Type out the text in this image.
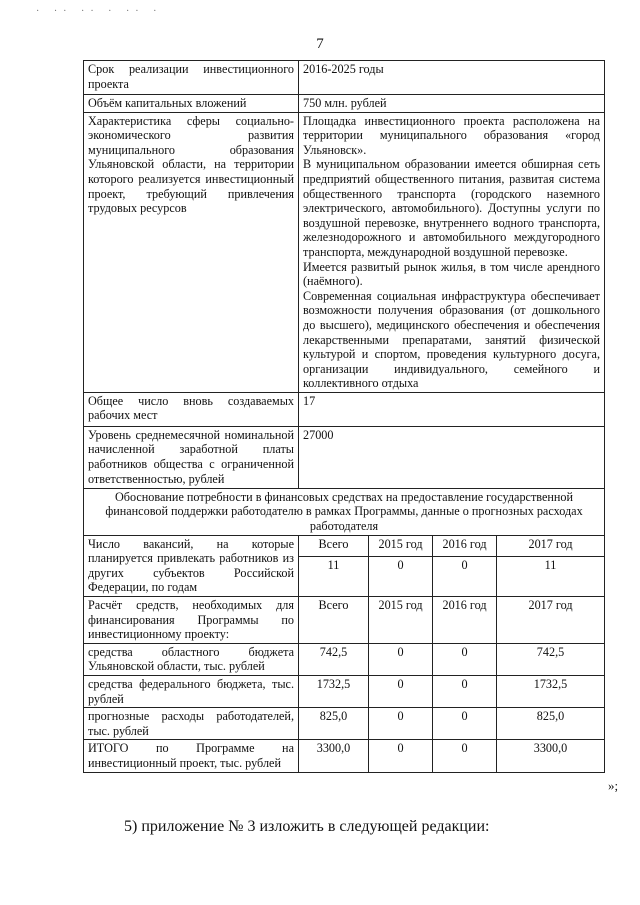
· ·· ·· · ·· ·
7
Срок реализации инвестиционного проекта	2016-2025 годы			
Объём капитальных вложений	750 млн. рублей			
Характеристика сферы социально-экономического развития муниципального образования Ульяновской области, на территории которого реализуется инвестиционный проект, требующий привлечения трудовых ресурсов	Площадка инвестиционного проекта расположена на территории муниципального образования «город Ульяновск».
В муниципальном образовании имеется обширная сеть предприятий общественного питания, развитая система общественного транспорта (городского наземного электрического, автомобильного). Доступны услуги по воздушной перевозке, внутреннего водного транспорта, железнодорожного и автомобильного междугородного транспорта, международной воздушной перевозке.
Имеется развитый рынок жилья, в том числе арендного (наёмного).
Современная социальная инфраструктура обеспечивает возможности получения образования (от дошкольного до высшего), медицинского обеспечения и обеспечения лекарственными препаратами, занятий физической культурой и спортом, проведения культурного досуга, организации индивидуального, семейного и коллективного отдыха			

Общее число вновь создаваемых рабочих мест	17			
Уровень среднемесячной номинальной начисленной заработной платы работников общества с ограниченной ответственностью, рублей	27000			
Обоснование потребности в финансовых средствах на предоставление государственной финансовой поддержки работодателю в рамках Программы, данные о прогнозных расходах работодателя				
Число вакансий, на которые планируется привлекать работников из других субъектов Российской Федерации, по годам	Всего	2015 год	2016 год	2017 год
	11	0	0	11
Расчёт средств, необходимых для финансирования Программы по инвестиционному проекту:	Всего	2015 год	2016 год	2017 год
средства областного бюджета Ульяновской области, тыс. рублей	742,5	0	0	742,5
средства федерального бюджета, тыс. рублей	1732,5	0	0	1732,5
прогнозные расходы работодателей, тыс. рублей	825,0	0	0	825,0
ИТОГО по Программе на инвестиционный проект, тыс. рублей	3300,0	0	0	3300,0
»;
5) приложение № 3 изложить в следующей редакции:
